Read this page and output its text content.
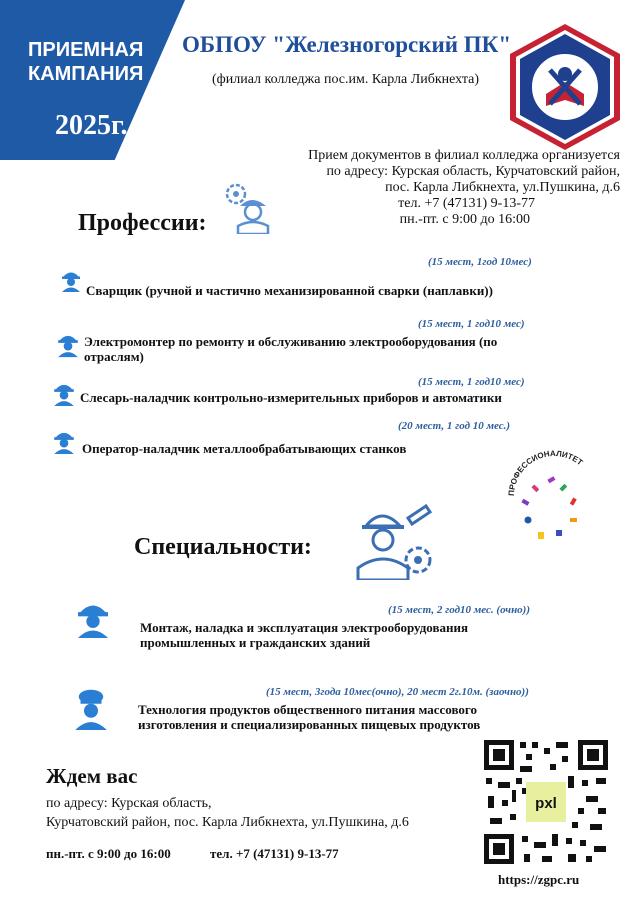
ПРИЕМНАЯ
КАМПАНИЯ
2025г.
ОБПОУ "Железногорский ПК"
(филиал колледжа пос.им. Карла Либкнехта)
Прием документов в филиал колледжа организуется
по адресу: Курская область, Курчатовский район,
пос. Карла Либкнехта, ул.Пушкина, д.6
тел. +7 (47131) 9-13-77
пн.-пт. с 9:00 до 16:00
Профессии:
(15 мест, 1год 10мес)
Сварщик (ручной и частично механизированной сварки (наплавки))
(15 мест, 1 год10 мес)
Электромонтер по ремонту и обслуживанию электрооборудования (по отраслям)
(15 мест, 1 год10 мес)
Слесарь-наладчик контрольно-измерительных приборов и автоматики
(20 мест, 1 год 10 мес.)
Оператор-наладчик металлообрабатывающих станков
ПРОФЕССИОНАЛИТЕТ
Специальности:
(15 мест, 2 год10 мес. (очно))
Монтаж, наладка и эксплуатация электрооборудования промышленных и гражданских зданий
(15 мест, 3года 10мес(очно), 20 мест 2г.10м. (заочно))
Технология продуктов общественного питания массового изготовления и специализированных пищевых продуктов
Ждем вас
по адресу: Курская область,
Курчатовский район, пос. Карла Либкнехта, ул.Пушкина, д.6
пн.-пт. с 9:00 до 16:00	тел. +7 (47131) 9-13-77
pxl
https://zgpc.ru
